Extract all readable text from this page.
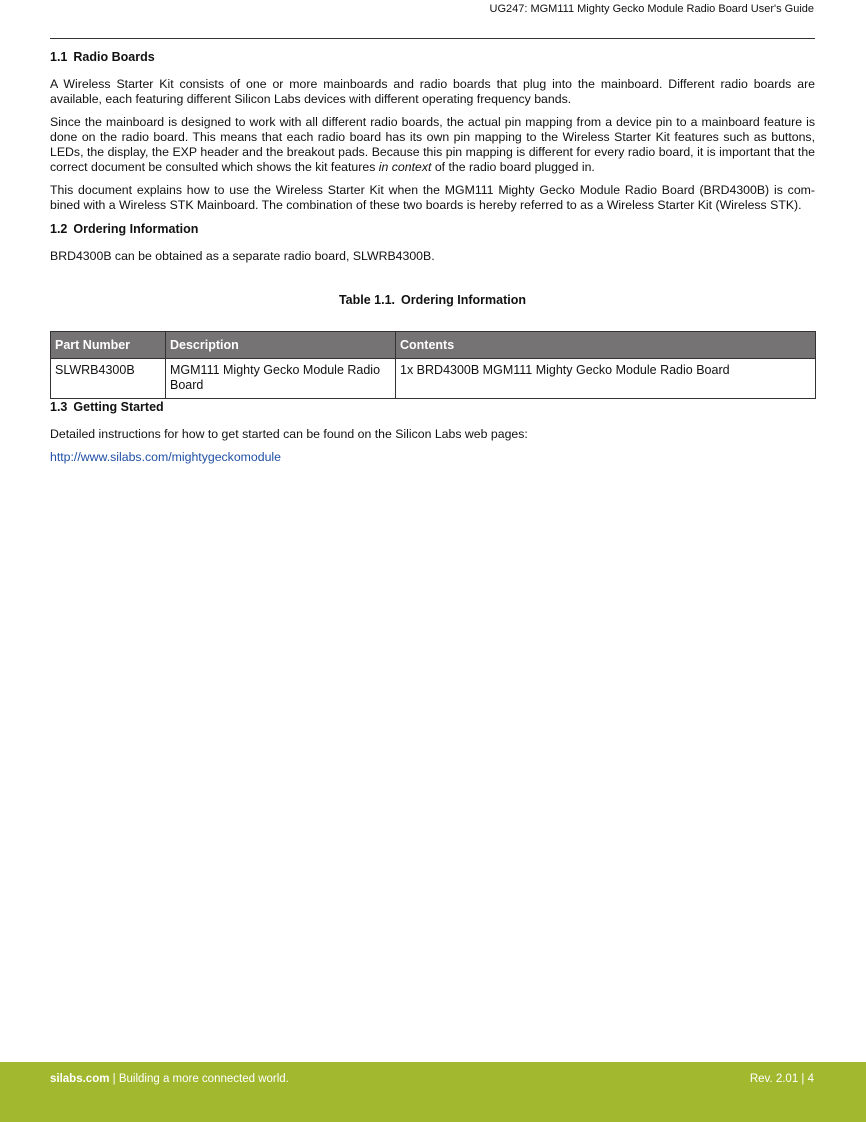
UG247: MGM111 Mighty Gecko Module Radio Board User's Guide
1.1 Radio Boards

A Wireless Starter Kit consists of one or more mainboards and radio boards that plug into the mainboard. Different radio boards are available, each featuring different Silicon Labs devices with different operating frequency bands.

Since the mainboard is designed to work with all different radio boards, the actual pin mapping from a device pin to a mainboard feature is done on the radio board. This means that each radio board has its own pin mapping to the Wireless Starter Kit features such as buttons, LEDs, the display, the EXP header and the breakout pads. Because this pin mapping is different for every radio board, it is important that the correct document be consulted which shows the kit features in context of the radio board plugged in.

This document explains how to use the Wireless Starter Kit when the MGM111 Mighty Gecko Module Radio Board (BRD4300B) is com-bined with a Wireless STK Mainboard. The combination of these two boards is hereby referred to as a Wireless Starter Kit (Wireless STK).

1.2 Ordering Information

BRD4300B can be obtained as a separate radio board, SLWRB4300B.

Table 1.1. Ordering Information
Part Number	Description	Contents
SLWRB4300B	MGM111 Mighty Gecko Module Radio Board	1x BRD4300B MGM111 Mighty Gecko Module Radio Board
1.3 Getting Started

Detailed instructions for how to get started can be found on the Silicon Labs web pages:

http://www.silabs.com/mightygeckomodule

silabs.com | Building a more connected world.	Rev. 2.01 | 4
